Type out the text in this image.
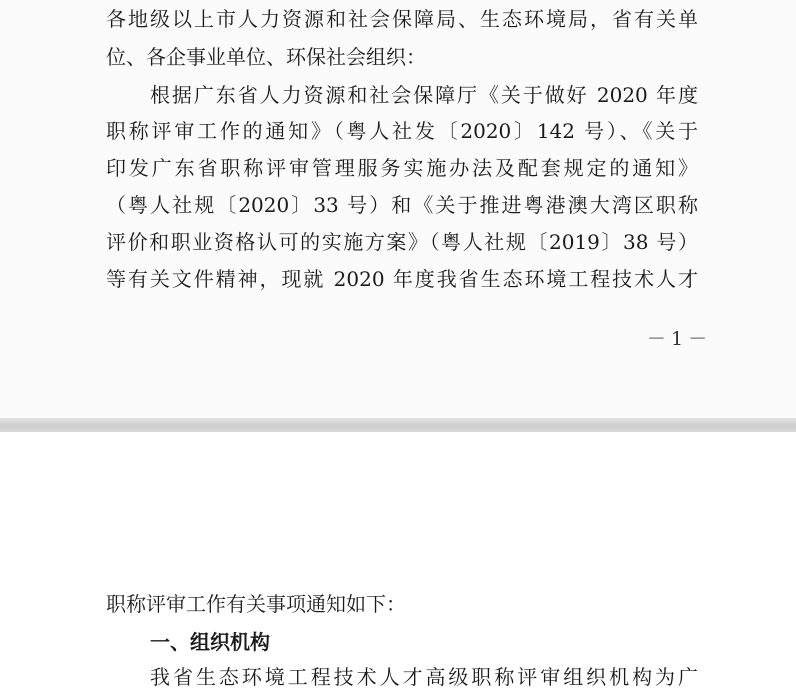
各地级以上市人力资源和社会保障局、生态环境局，省有关单
位、各企事业单位、环保社会组织：
根据广东省人力资源和社会保障厅《关于做好 2020 年度
职称评审工作的通知》（粤人社发〔2020〕142 号）、《关于
印发广东省职称评审管理服务实施办法及配套规定的通知》
（粤人社规〔2020〕33 号）和《关于推进粤港澳大湾区职称
评价和职业资格认可的实施方案》（粤人社规〔2019〕38 号）
等有关文件精神，现就 2020 年度我省生态环境工程技术人才
－1－
职称评审工作有关事项通知如下：
我省生态环境工程技术人才高级职称评审组织机构为广
一、组织机构
